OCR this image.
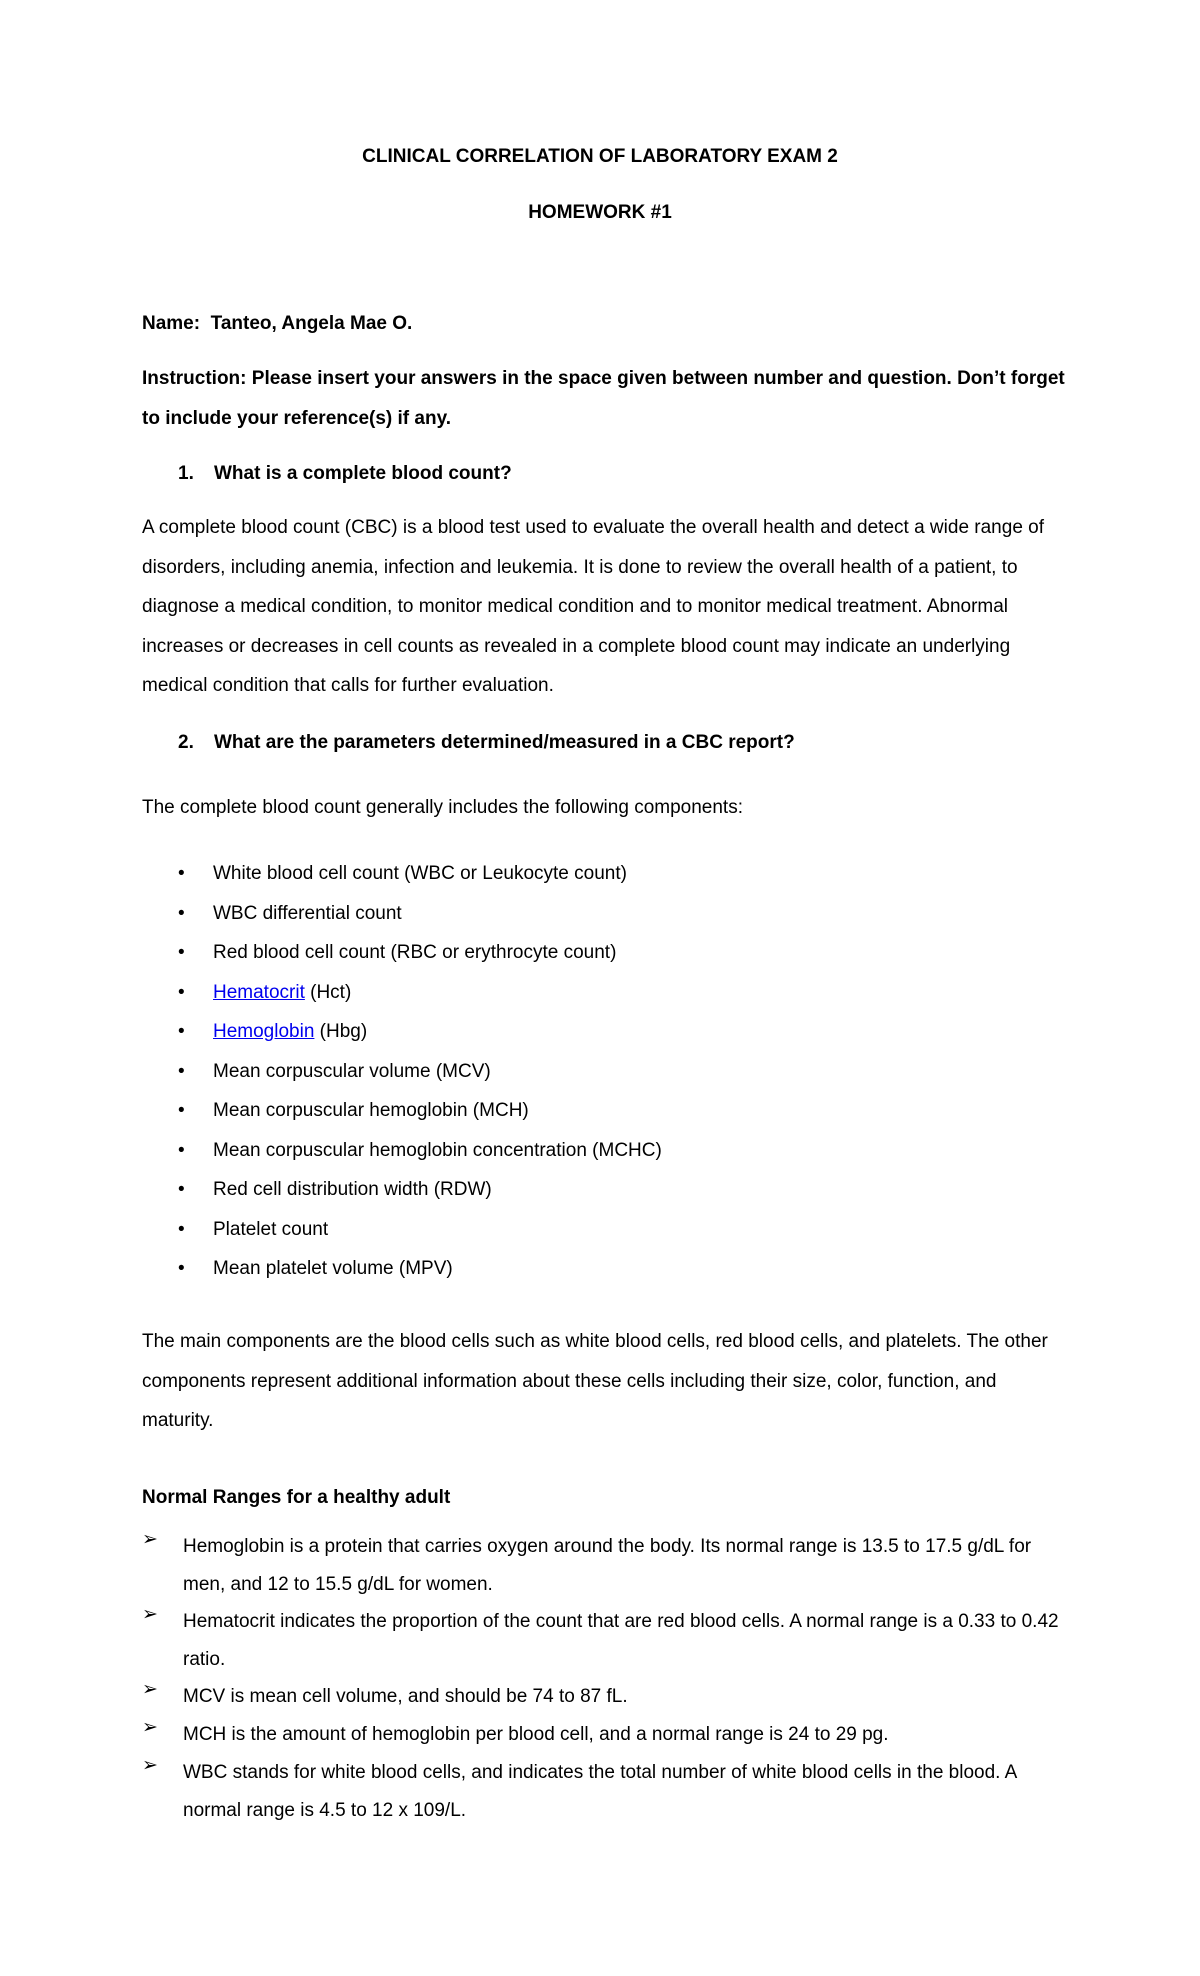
CLINICAL CORRELATION OF LABORATORY EXAM 2
HOMEWORK #1
Name: Tanteo, Angela Mae O.
Instruction: Please insert your answers in the space given between number and question. Don’t forget to include your reference(s) if any.
1. What is a complete blood count?
A complete blood count (CBC) is a blood test used to evaluate the overall health and detect a wide range of disorders, including anemia, infection and leukemia. It is done to review the overall health of a patient, to diagnose a medical condition, to monitor medical condition and to monitor medical treatment. Abnormal increases or decreases in cell counts as revealed in a complete blood count may indicate an underlying medical condition that calls for further evaluation.
2. What are the parameters determined/measured in a CBC report?
The complete blood count generally includes the following components:
• White blood cell count (WBC or Leukocyte count)
• WBC differential count
• Red blood cell count (RBC or erythrocyte count)
• Hematocrit (Hct)
• Hemoglobin (Hbg)
• Mean corpuscular volume (MCV)
• Mean corpuscular hemoglobin (MCH)
• Mean corpuscular hemoglobin concentration (MCHC)
• Red cell distribution width (RDW)
• Platelet count
• Mean platelet volume (MPV)
The main components are the blood cells such as white blood cells, red blood cells, and platelets. The other components represent additional information about these cells including their size, color, function, and maturity.
Normal Ranges for a healthy adult
➢ Hemoglobin is a protein that carries oxygen around the body. Its normal range is 13.5 to 17.5 g/dL for men, and 12 to 15.5 g/dL for women.
➢ Hematocrit indicates the proportion of the count that are red blood cells. A normal range is a 0.33 to 0.42 ratio.
➢ MCV is mean cell volume, and should be 74 to 87 fL.
➢ MCH is the amount of hemoglobin per blood cell, and a normal range is 24 to 29 pg.
➢ WBC stands for white blood cells, and indicates the total number of white blood cells in the blood. A normal range is 4.5 to 12 x 109/L.
